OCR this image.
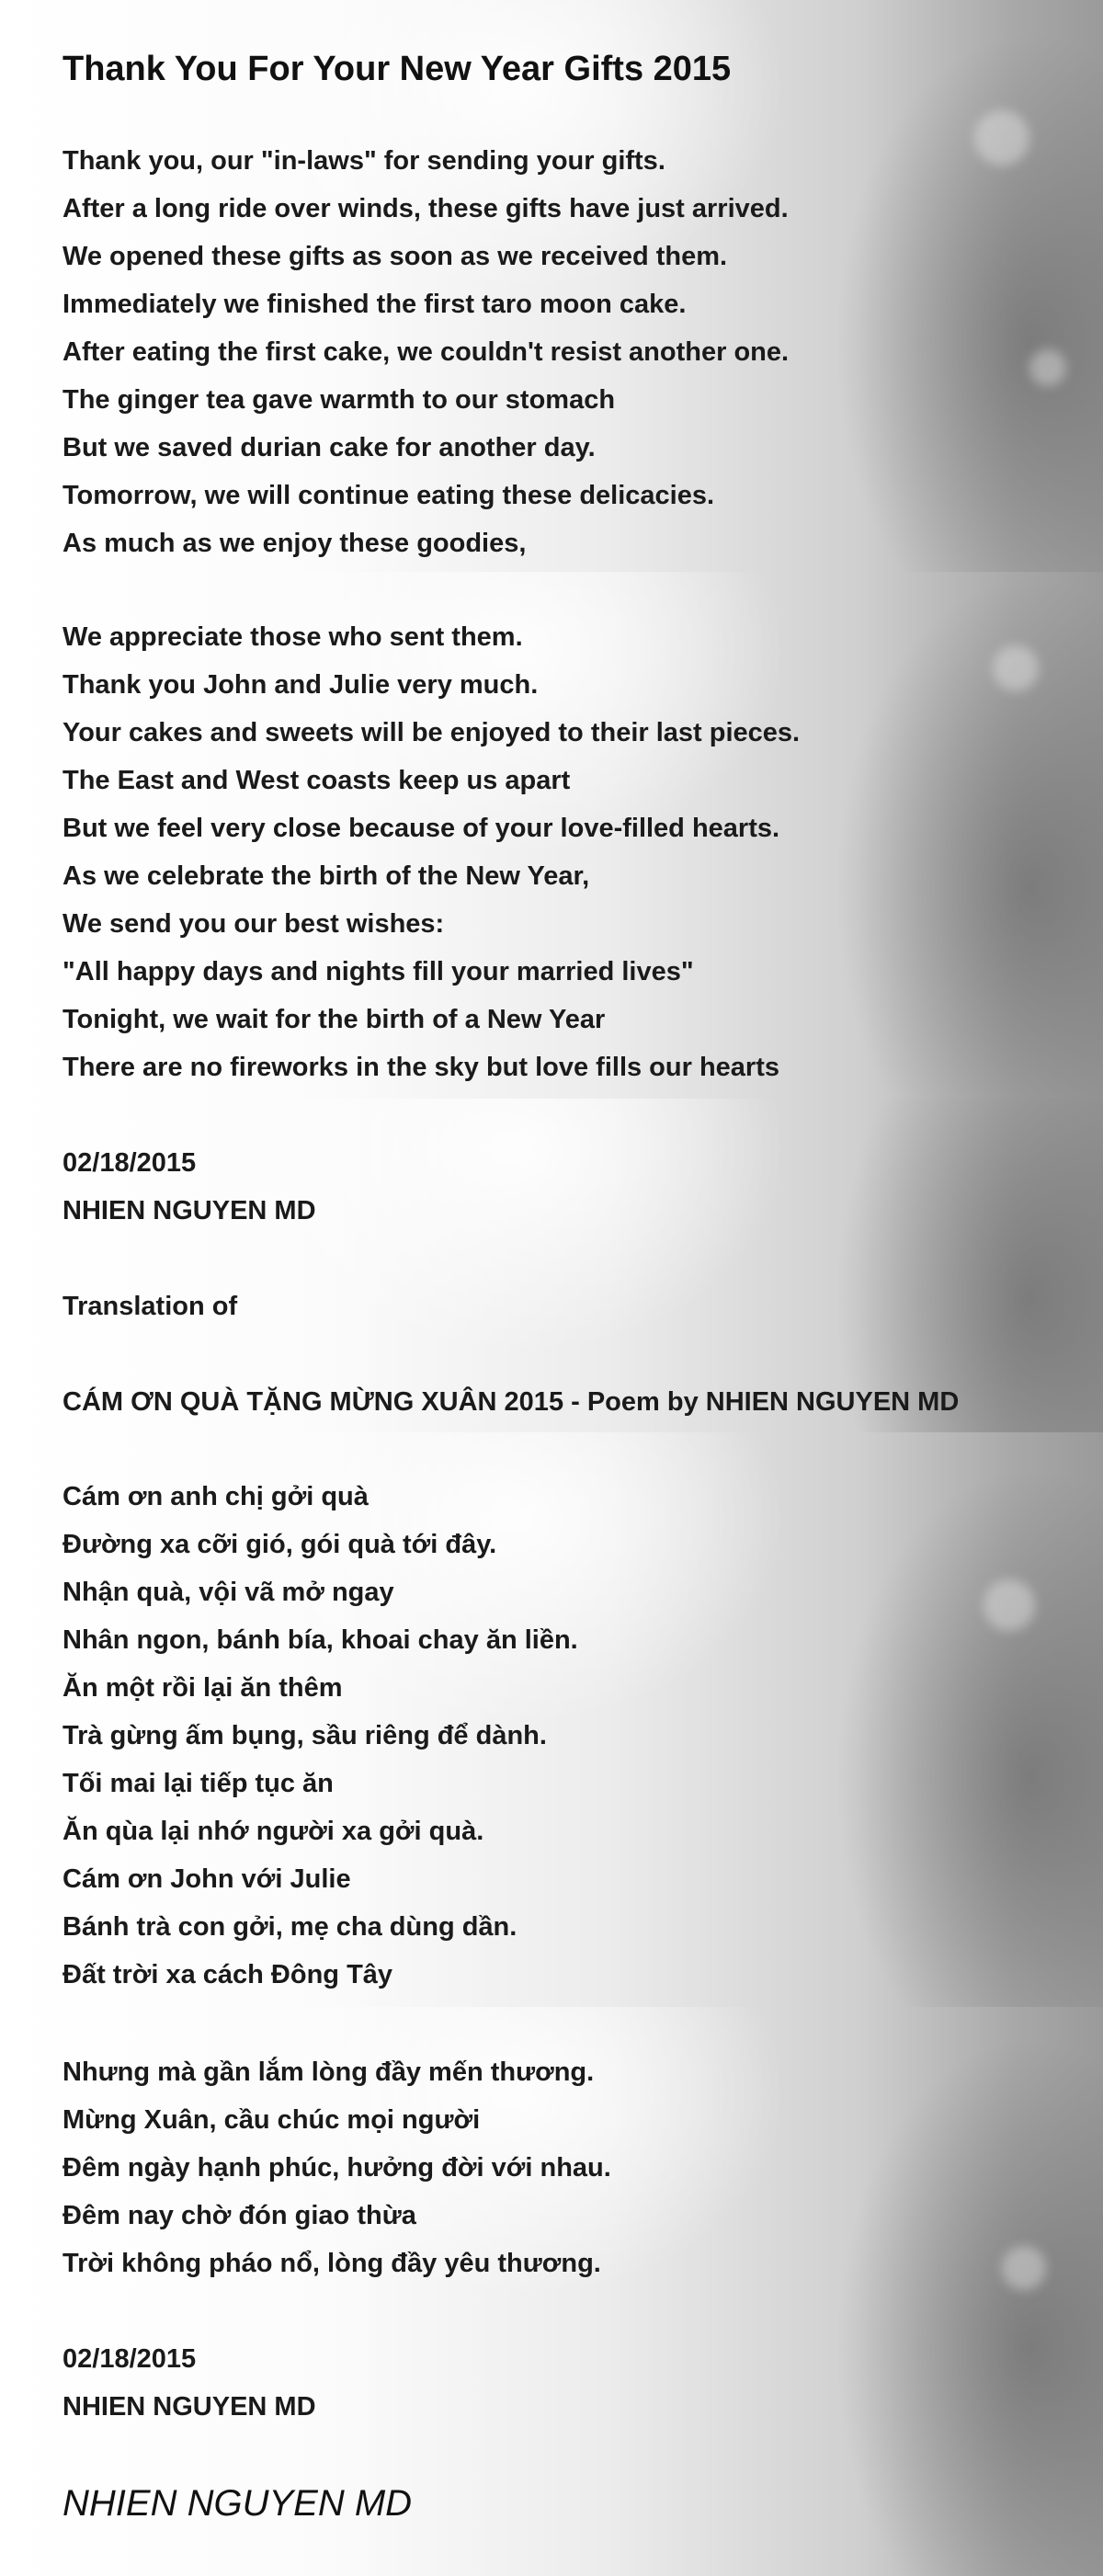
Thank You For Your New Year Gifts 2015
Thank you, our "in-laws" for sending your gifts.
After a long ride over winds, these gifts have just arrived.
We opened these gifts as soon as we received them.
Immediately we finished the first taro moon cake.
After eating the first cake, we couldn't resist another one.
The ginger tea gave warmth to our stomach
But we saved durian cake for another day.
Tomorrow, we will continue eating these delicacies.
As much as we enjoy these goodies,
We appreciate those who sent them.
Thank you John and Julie very much.
Your cakes and sweets will be enjoyed to their last pieces.
The East and West coasts keep us apart
But we feel very close because of your love-filled hearts.
As we celebrate the birth of the New Year,
We send you our best wishes:
"All happy days and nights fill your married lives"
Tonight, we wait for the birth of a New Year
There are no fireworks in the sky but love fills our hearts
02/18/2015
NHIEN NGUYEN MD
Translation of
CÁM ƠN QUÀ TẶNG MỪNG XUÂN 2015 - Poem by NHIEN NGUYEN MD
Cám ơn anh chị gởi quà
Đường xa cỡi gió, gói quà tới đây.
Nhận quà, vội vã mở ngay
Nhân ngon, bánh bía, khoai chay ăn liền.
Ăn một rồi lại ăn thêm
Trà gừng ấm bụng, sầu riêng để dành.
Tối mai lại tiếp tục ăn
Ăn qùa lại nhớ người xa gởi quà.
Cám ơn John với Julie
Bánh trà con gởi, mẹ cha dùng dần.
Đất trời xa cách Đông Tây
Nhưng mà gần lắm lòng đầy mến thương.
Mừng Xuân, cầu chúc mọi người
Đêm ngày hạnh phúc, hưởng đời với nhau.
Đêm nay chờ đón giao thừa
Trời không pháo nổ, lòng đầy yêu thương.
02/18/2015
NHIEN NGUYEN MD
NHIEN NGUYEN MD
